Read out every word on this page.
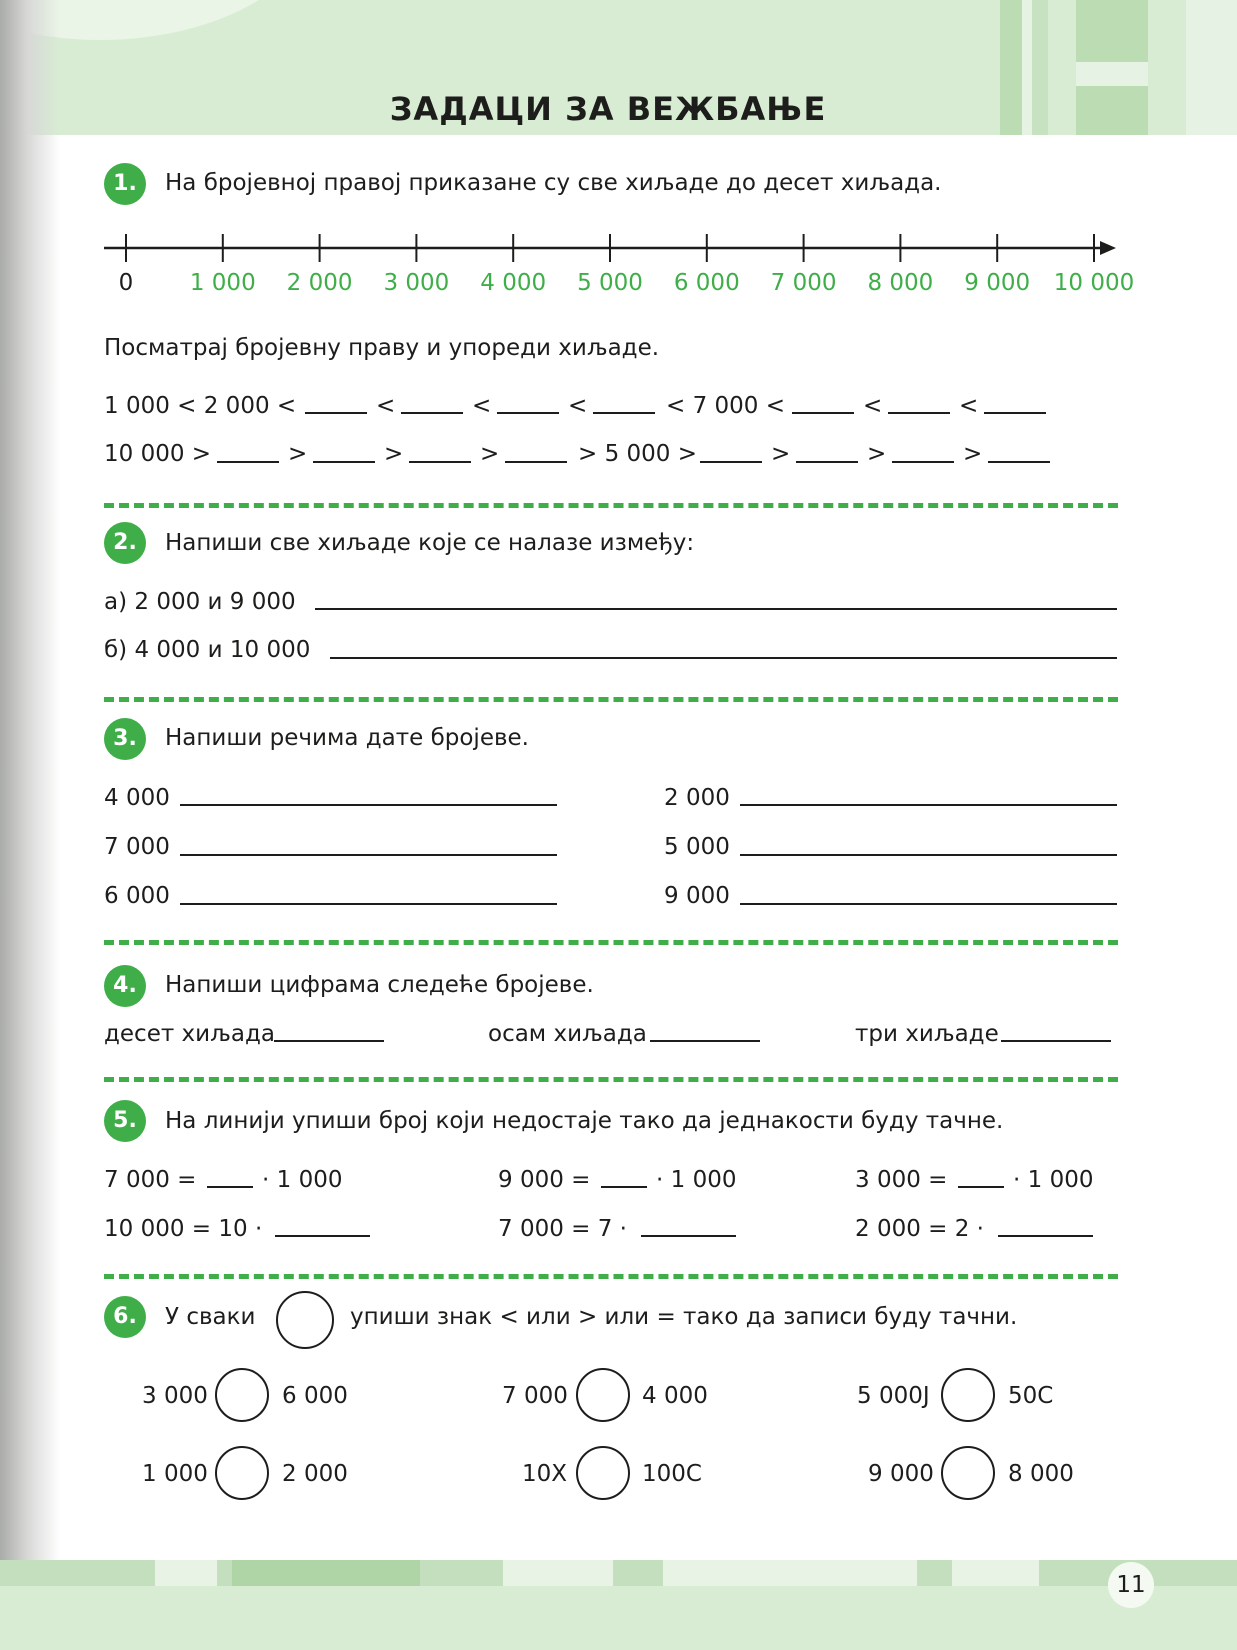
ЗАДАЦИ ЗА ВЕЖБАЊЕ
1.	На бројевној правој приказане су све хиљаде до десет хиљада.
0	1 000	2 000	3 000	4 000	5 000	6 000	7 000	8 000	9 000	10 000
Посматрај бројевну праву и упореди хиљаде.
1 000 < 2 000 <	<	<	<	< 7 000 <	<	<
10 000 >	>	>	>	> 5 000 >	>	>	>
2.	Напиши све хиљаде које се налазе између:
а) 2 000 и 9 000
б) 4 000 и 10 000
3.	Напиши речима дате бројеве.
4 000
7 000
6 000
2 000
5 000
9 000
4.	Напиши цифрама следеће бројеве.
десет хиљада	осам хиљада	три хиљаде
5.	На линији упиши број који недостаје тако да једнакости буду тачне.
7 000 =	· 1 000	9 000 =	· 1 000	3 000 =	· 1 000
10 000 = 10 ·	7 000 = 7 ·	2 000 = 2 ·
6.	У сваки	упиши знак < или > или = тако да записи буду тачни.
3 000	6 000	7 000	4 000	5 000Ј	50С
1 000	2 000	10Х	100С	9 000	8 000
11
